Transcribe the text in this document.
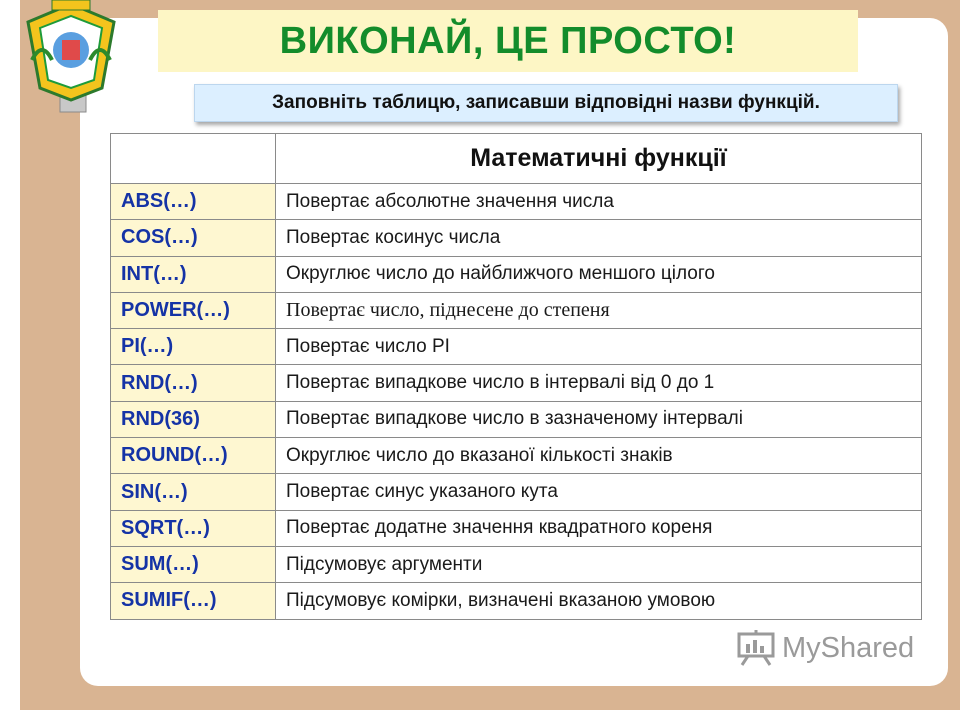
ВИКОНАЙ, ЦЕ ПРОСТО!
Заповніть таблицю, записавши відповідні назви функцій.
	Математичні функції
ABS(…)	Повертає абсолютне значення числа
COS(…)	Повертає косинус числа
INT(…)	Округлює число до найближчого меншого цілого
POWER(…)	Повертає число, піднесене до степеня
PI(…)	Повертає число PI
RND(…)	Повертає випадкове число в інтервалі від 0 до 1
RND(36)	Повертає випадкове число в зазначеному інтервалі
ROUND(…)	Округлює число до вказаної кількості знаків
SIN(…)	Повертає синус указаного кута
SQRT(…)	Повертає додатне значення квадратного кореня
SUM(…)	Підсумовує аргументи
SUMIF(…)	Підсумовує комірки, визначені вказаною умовою
MyShared
